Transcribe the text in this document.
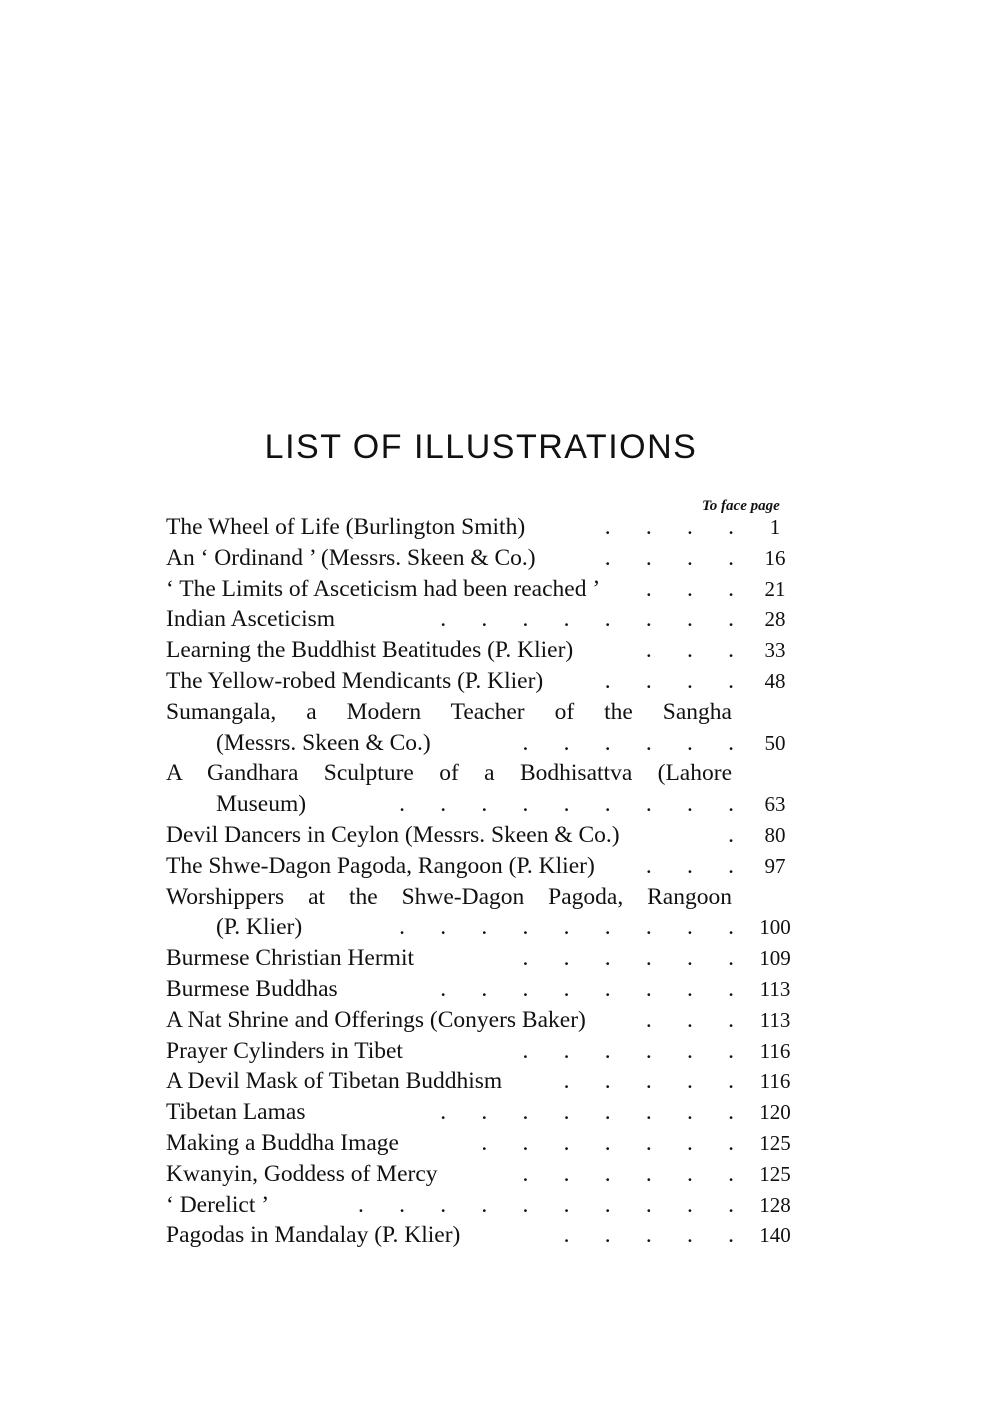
LIST OF ILLUSTRATIONS
To face page
The Wheel of Life (Burlington Smith)	.  .  .  .	1
An ‘ Ordinand ’ (Messrs. Skeen & Co.)	.  .  .  .	16
‘ The Limits of Asceticism had been reached ’ .  .  .	21
Indian Asceticism	.  .  .  .  .  .  .  .	28
Learning the Buddhist Beatitudes (P. Klier)	.  .  .	33
The Yellow-robed Mendicants (P. Klier)	.  .  .  .	48
Sumangala, a Modern Teacher of the Sangha
(Messrs. Skeen & Co.)	.  .  .  .  .  .	50
A Gandhara Sculpture of a Bodhisattva (Lahore
Museum)	.  .  .  .  .  .  .  .  .	63
Devil Dancers in Ceylon (Messrs. Skeen & Co.)	.	80
The Shwe-Dagon Pagoda, Rangoon (P. Klier) .  .  .	97
Worshippers at the Shwe-Dagon Pagoda, Rangoon
(P. Klier)	.  .  .  .  .  .  .  .  .	100
Burmese Christian Hermit	.  .  .  .  .  .	109
Burmese Buddhas	.  .  .  .  .  .  .  .	113
A Nat Shrine and Offerings (Conyers Baker)	.  .  .	113
Prayer Cylinders in Tibet	.  .  .  .  .  .	116
A Devil Mask of Tibetan Buddhism	.  .  .  .  .	116
Tibetan Lamas	.  .  .  .  .  .  .  .	120
Making a Buddha Image	.  .  .  .  .  .  .	125
Kwanyin, Goddess of Mercy	.  .  .  .  .  .	125
‘ Derelict ’	.  .  .  .  .  .  .  .  .  .	128
Pagodas in Mandalay (P. Klier)	.  .  .  .  .	140
